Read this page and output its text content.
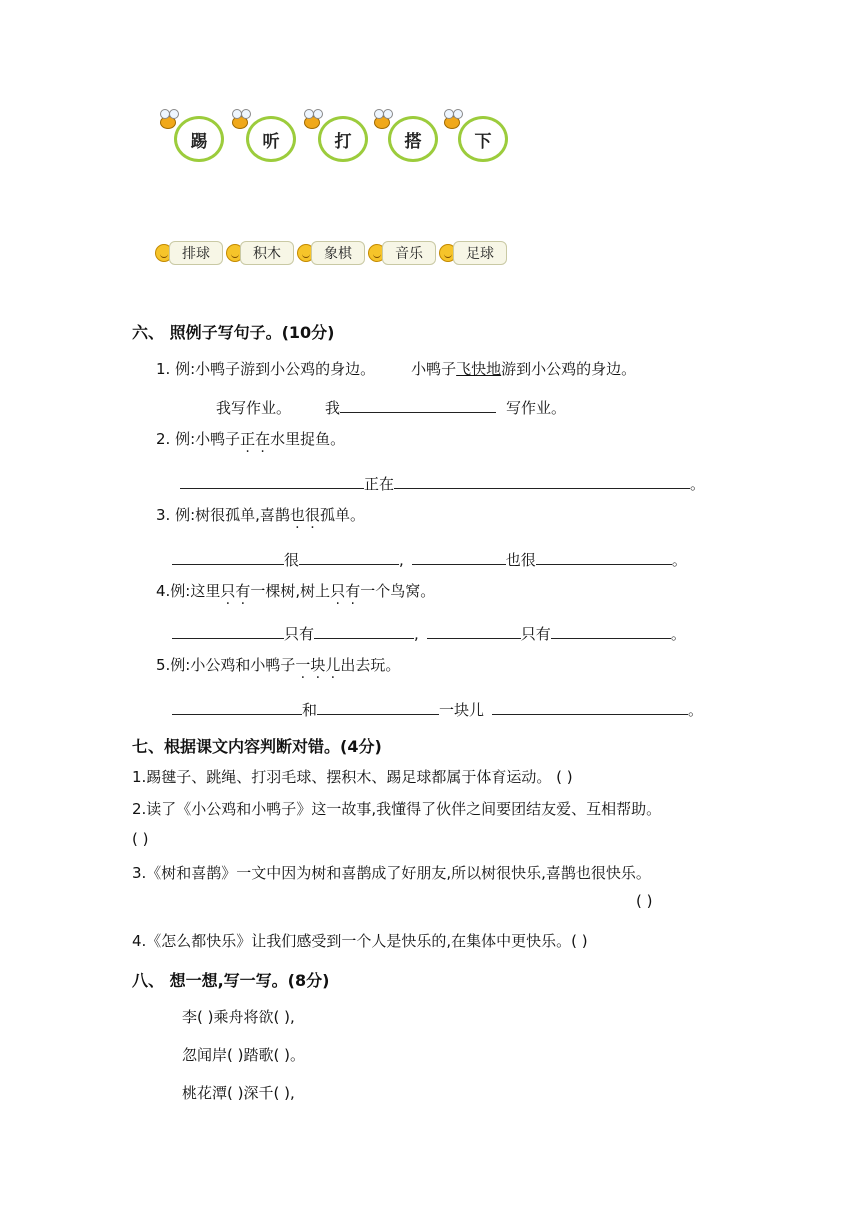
踢	听	打	搭	下
排球	积木	象棋	音乐	足球
六、 照例子写句子。(10分)
1. 例:小鸭子游到小公鸡的身边。 小鸭子飞快地游到小公鸡的身边。
我写作业。 我	写作业。
2. 例:小鸭子正在水里捉鱼。
正在	。
3. 例:树很孤单,喜鹊也很孤单。
很	,	也很	。
4.例:这里只有一棵树,树上只有一个鸟窝。
只有	,	只有	。
5.例:小公鸡和小鸭子一块儿出去玩。
和	一块儿	。
七、根据课文内容判断对错。(4分)
1.踢毽子、跳绳、打羽毛球、摆积木、踢足球都属于体育运动。 ( )
2.读了《小公鸡和小鸭子》这一故事,我懂得了伙伴之间要团结友爱、互相帮助。
( )
3.《树和喜鹊》一文中因为树和喜鹊成了好朋友,所以树很快乐,喜鹊也很快乐。
( )
4.《怎么都快乐》让我们感受到一个人是快乐的,在集体中更快乐。( )
八、 想一想,写一写。(8分)
李( )乘舟将欲( ),
忽闻岸( )踏歌( )。
桃花潭( )深千( ),
